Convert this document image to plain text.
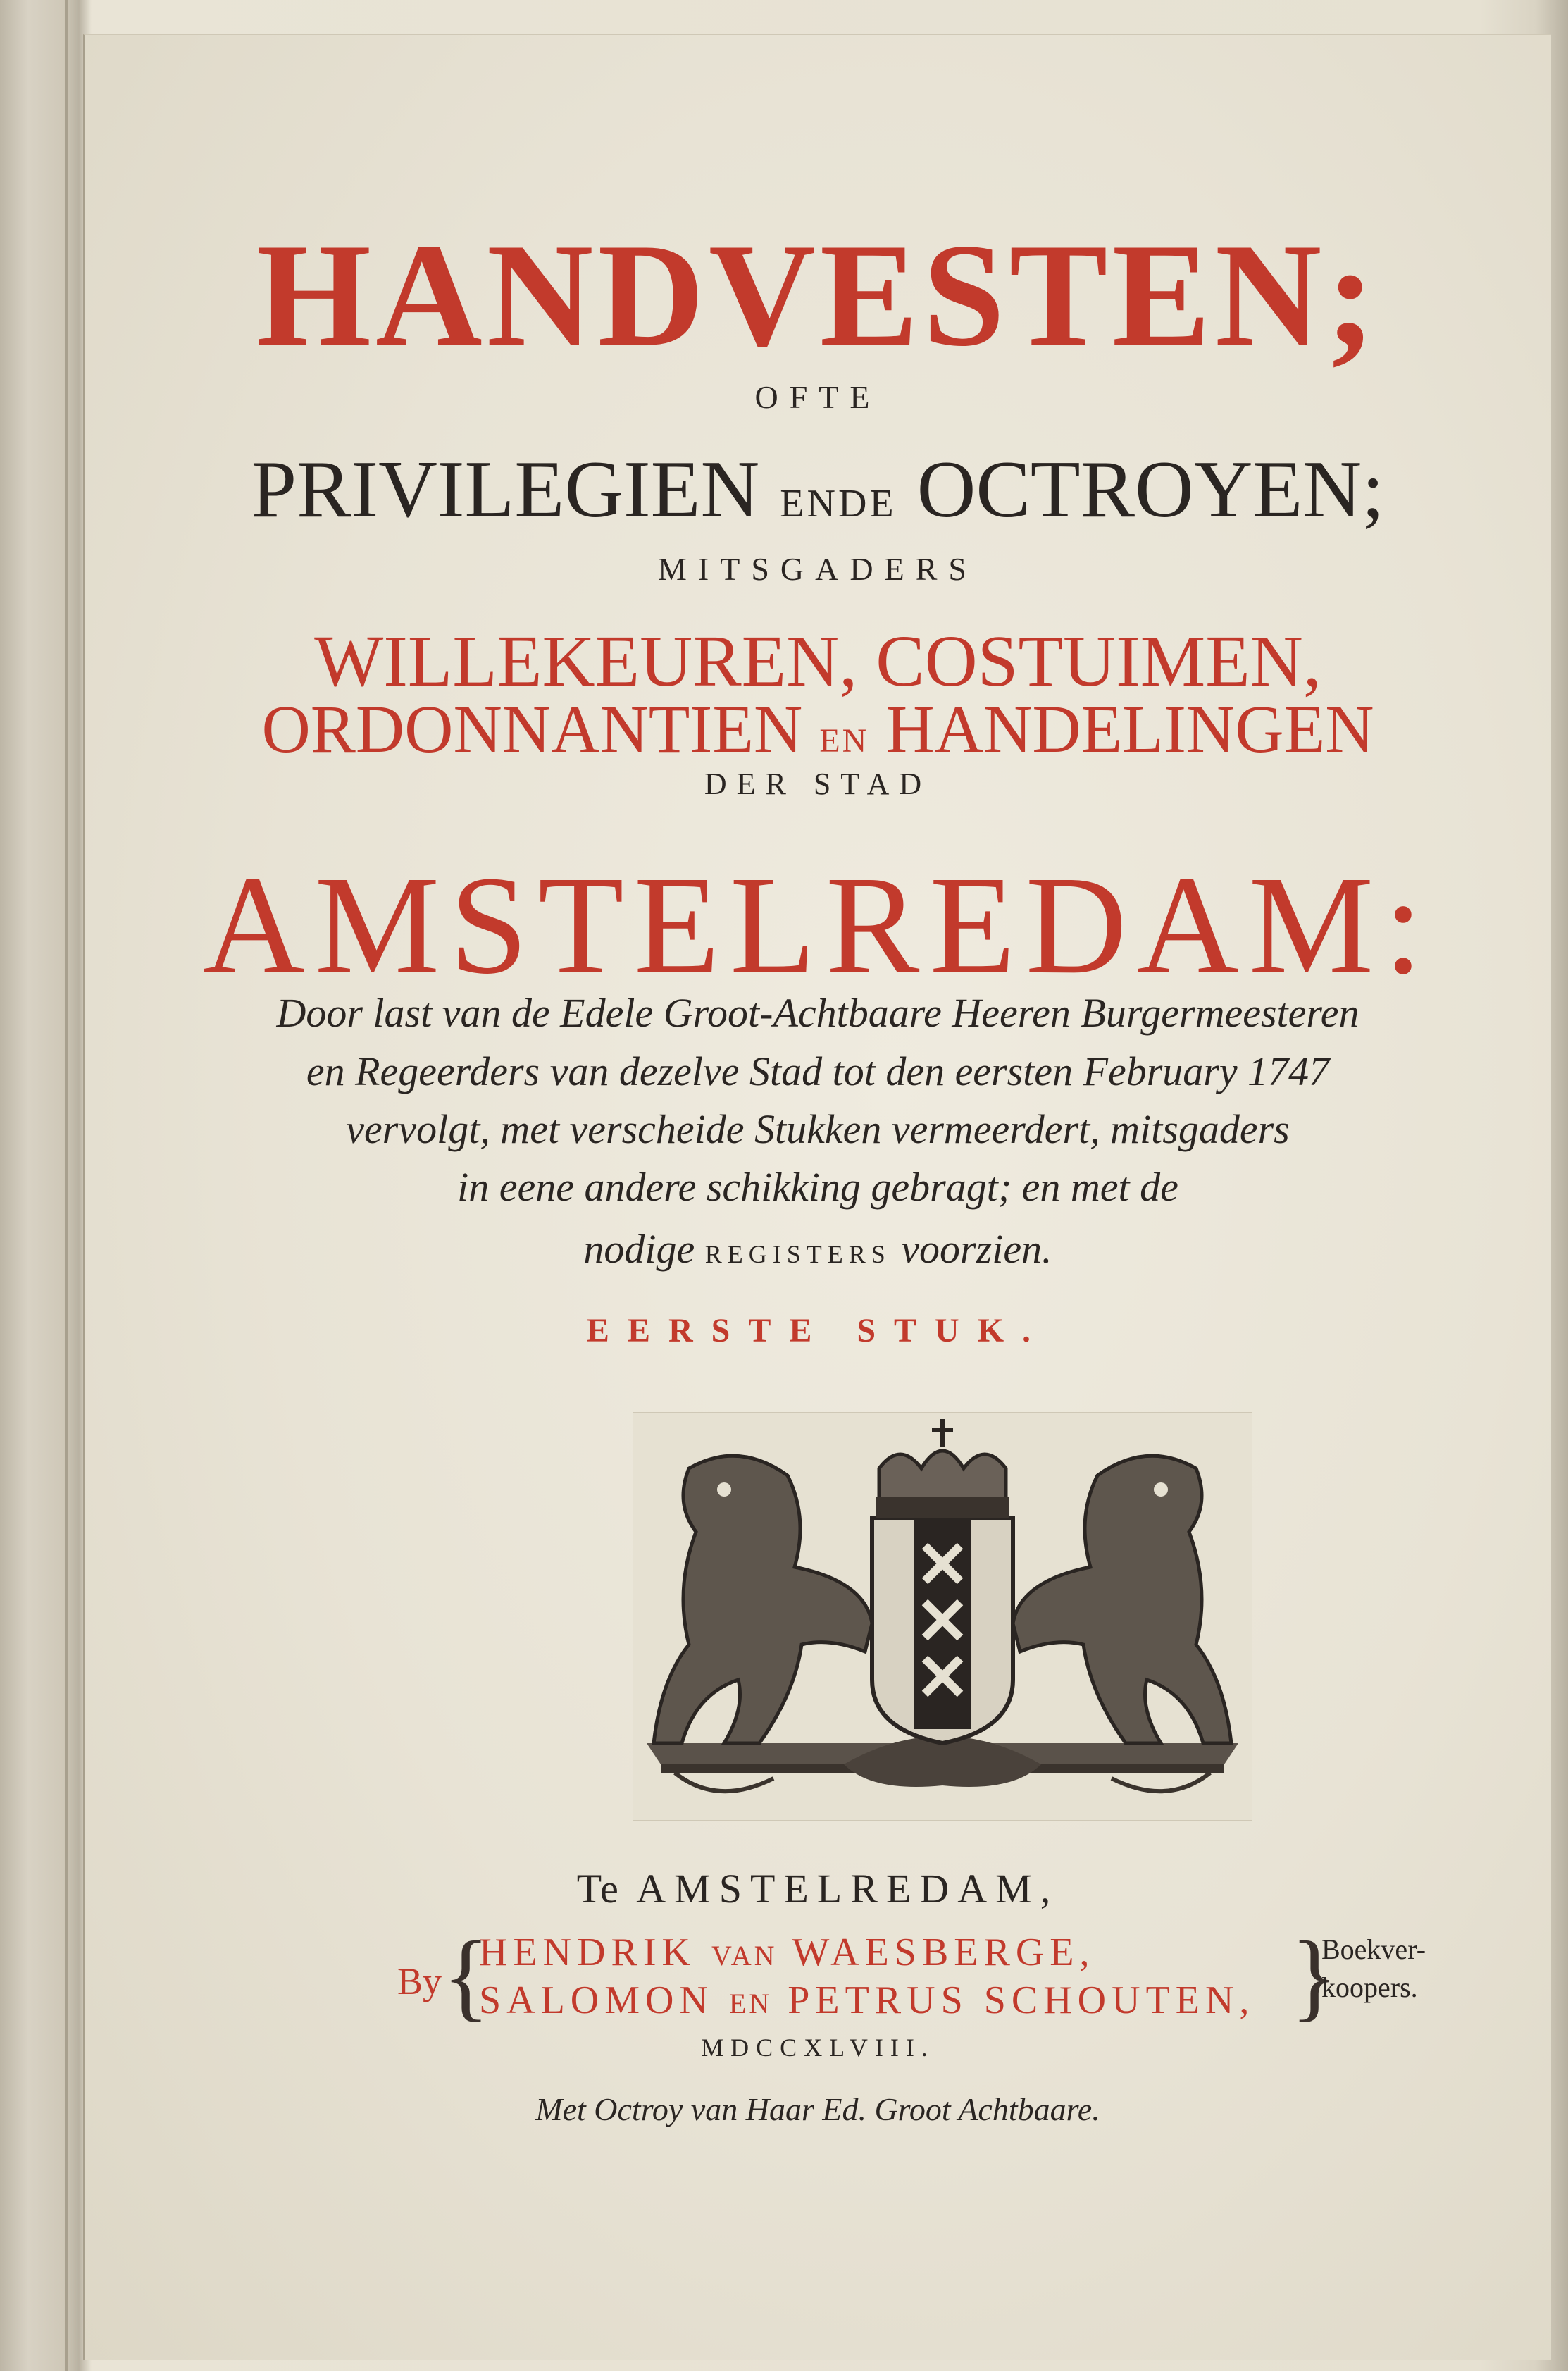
HANDVESTEN;
OFTE
PRIVILEGIEN ENDE OCTROYEN;
MITSGADERS
WILLEKEUREN, COSTUIMEN,
ORDONNANTIEN EN HANDELINGEN
DER STAD
AMSTELREDAM:
Door last van de Edele Groot-Achtbaare Heeren Burgermeesteren
en Regeerders van dezelve Stad tot den eersten February 1747
vervolgt, met verscheide Stukken vermeerdert, mitsgaders
in eene andere schikking gebragt; en met de
nodige REGISTERS voorzien.
EERSTE STUK.
Te AMSTELREDAM,
By {
HENDRIK VAN WAESBERGE,
SALOMON EN PETRUS SCHOUTEN, }
Boekver-
koopers.
MDCCXLVIII.
Met Octroy van Haar Ed. Groot Achtbaare.
